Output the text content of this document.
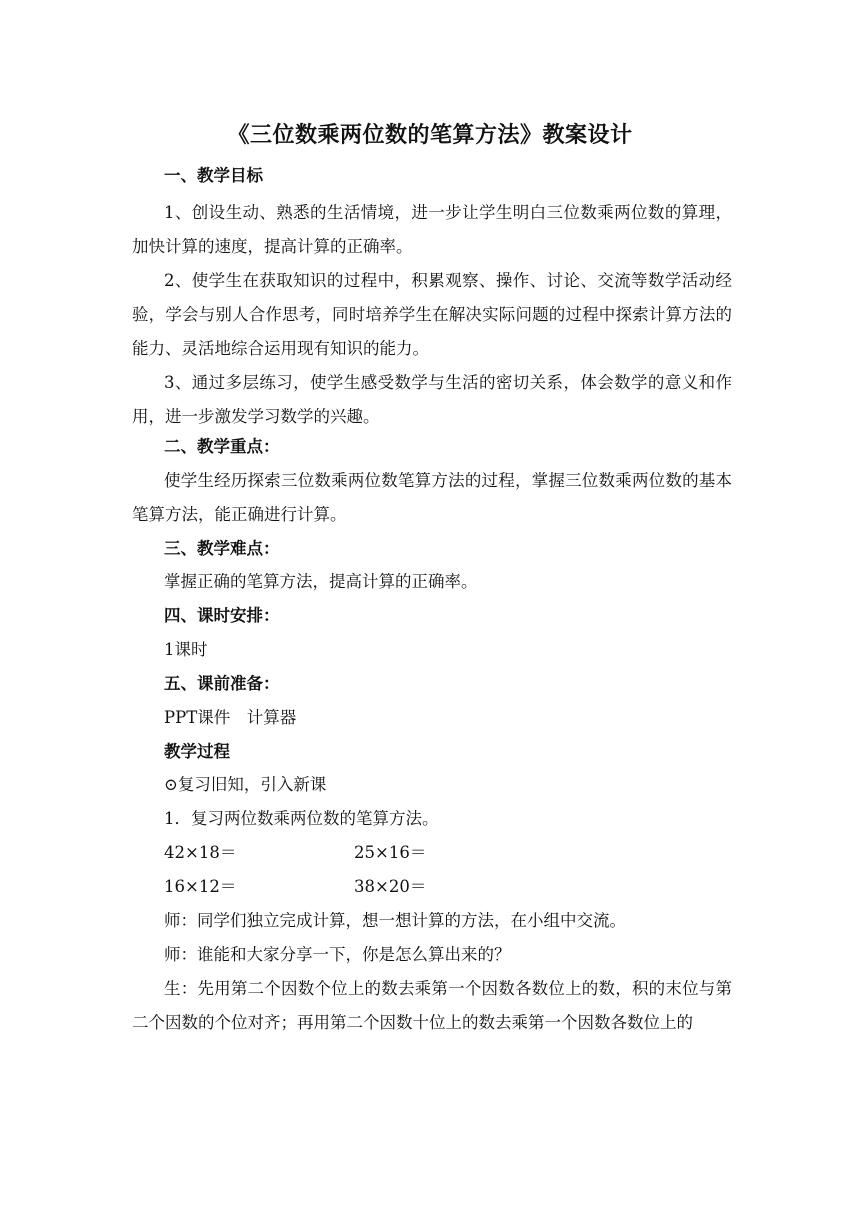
《三位数乘两位数的笔算方法》教案设计
一、教学目标
1、创设生动、熟悉的生活情境，进一步让学生明白三位数乘两位数的算理，加快计算的速度，提高计算的正确率。
2、使学生在获取知识的过程中，积累观察、操作、讨论、交流等数学活动经验，学会与别人合作思考，同时培养学生在解决实际问题的过程中探索计算方法的能力、灵活地综合运用现有知识的能力。
3、通过多层练习，使学生感受数学与生活的密切关系，体会数学的意义和作用，进一步激发学习数学的兴趣。
二、教学重点：
使学生经历探索三位数乘两位数笔算方法的过程，掌握三位数乘两位数的基本笔算方法，能正确进行计算。
三、教学难点：
掌握正确的笔算方法，提高计算的正确率。
四、课时安排：
1课时
五、课前准备：
PPT课件　计算器
教学过程
⊙复习旧知，引入新课
1．复习两位数乘两位数的笔算方法。
42×18＝	25×16＝
16×12＝	38×20＝
师：同学们独立完成计算，想一想计算的方法，在小组中交流。
师：谁能和大家分享一下，你是怎么算出来的？
生：先用第二个因数个位上的数去乘第一个因数各数位上的数，积的末位与第二个因数的个位对齐；再用第二个因数十位上的数去乘第一个因数各数位上的
